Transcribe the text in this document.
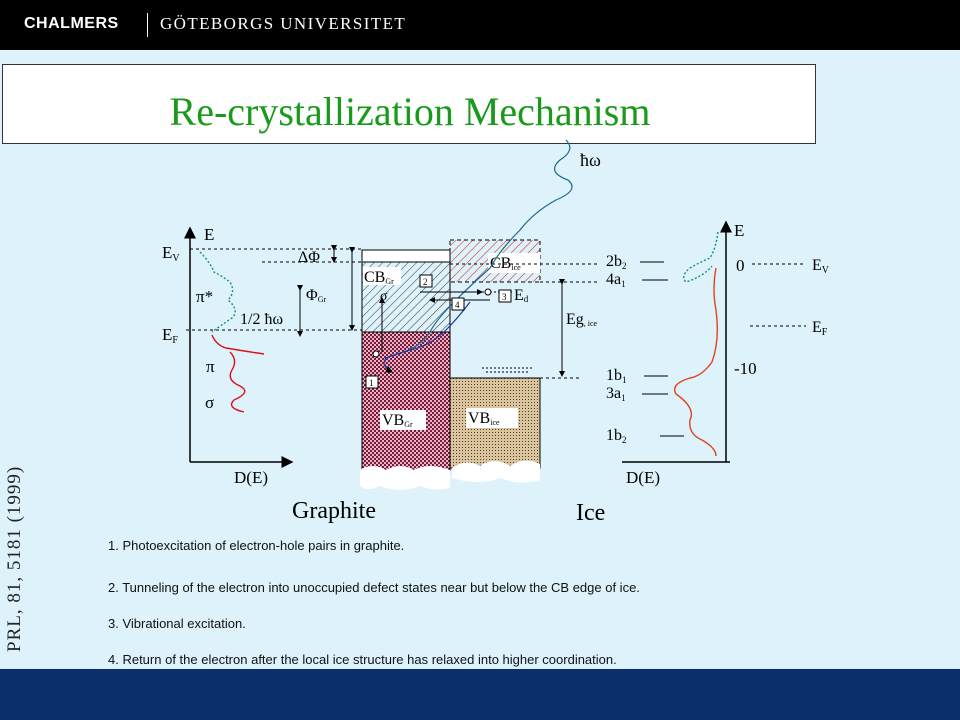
CHALMERS GÖTEBORGS UNIVERSITET
Re-crystallization Mechanism
PRL, 81, 5181 (1999)
E
D(E)
EV
EF
π*
π
σ
CBGr
VBGr
Graphite
CBice
VBice
Ice
Ed
Eg, ice
ΔΦ
ΦGr
1/2 ħω
ħω
σ
1
2
3
4
E
D(E)
0
-10
EV
EF
2b2
4a1
1b1
3a1
1b2
1. Photoexcitation of electron-hole pairs in graphite.
2. Tunneling of the electron into unoccupied defect states near but below the CB edge of ice.
3. Vibrational excitation.
4. Return of the electron after the local ice structure has relaxed into higher coordination.
